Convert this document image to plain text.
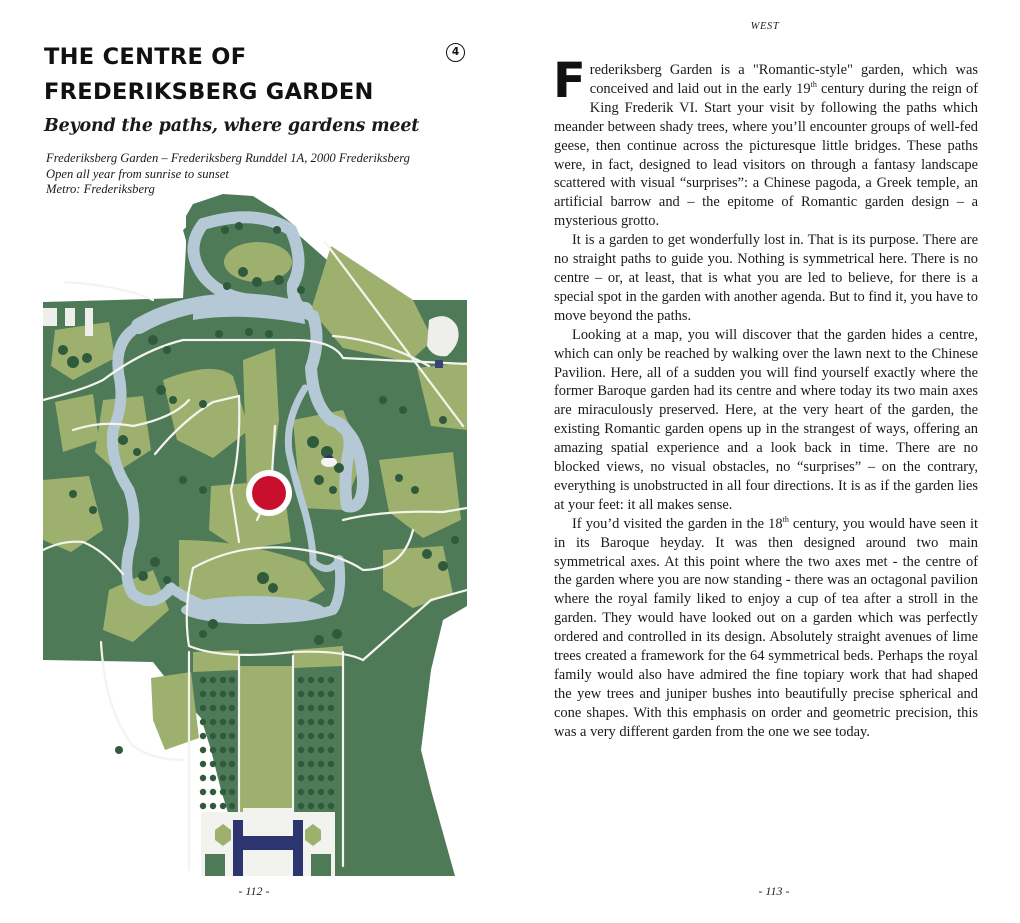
THE CENTRE OF FREDERIKSBERG GARDEN
4
Beyond the paths, where gardens meet
Frederiksberg Garden – Frederiksberg Runddel 1A, 2000 Frederiksberg
Open all year from sunrise to sunset
Metro: Frederiksberg
- 112 -
WEST

Frederiksberg Garden is a "Romantic-style" garden, which was conceived and laid out in the early 19th century during the reign of King Frederik VI. Start your visit by following the paths which meander between shady trees, where you’ll encounter groups of well-fed geese, then continue across the picturesque little bridges. These paths were, in fact, designed to lead visitors on through a fantasy landscape scattered with visual “surprises”: a Chinese pagoda, a Greek temple, an artificial barrow and – the epitome of Romantic garden design – a mysterious grotto.

It is a garden to get wonderfully lost in. That is its purpose. There are no straight paths to guide you. Nothing is symmetrical here. There is no centre – or, at least, that is what you are led to believe, for there is a special spot in the garden with another agenda. But to find it, you have to move beyond the paths.

Looking at a map, you will discover that the garden hides a centre, which can only be reached by walking over the lawn next to the Chinese Pavilion. Here, all of a sudden you will find yourself exactly where the former Baroque garden had its centre and where today its two main axes are miraculously preserved. Here, at the very heart of the garden, the existing Romantic garden opens up in the strangest of ways, offering an amazing spatial experience and a look back in time. There are no blocked views, no visual obstacles, no “surprises” – on the contrary, everything is unobstructed in all four directions. It is as if the garden lies at your feet: it all makes sense.

If you’d visited the garden in the 18th century, you would have seen it in its Baroque heyday. It was then designed around two main symmetrical axes. At this point where the two axes met - the centre of the garden where you are now standing - there was an octagonal pavilion where the royal family liked to enjoy a cup of tea after a stroll in the garden. They would have looked out on a garden which was perfectly ordered and controlled in its design. Absolutely straight avenues of lime trees created a framework for the 64 symmetrical beds. Perhaps the royal family would also have admired the fine topiary work that had shaped the yew trees and juniper bushes into beautifully precise spherical and cone shapes. With this emphasis on order and geometric precision, this was a very different garden from the one we see today.

- 113 -
